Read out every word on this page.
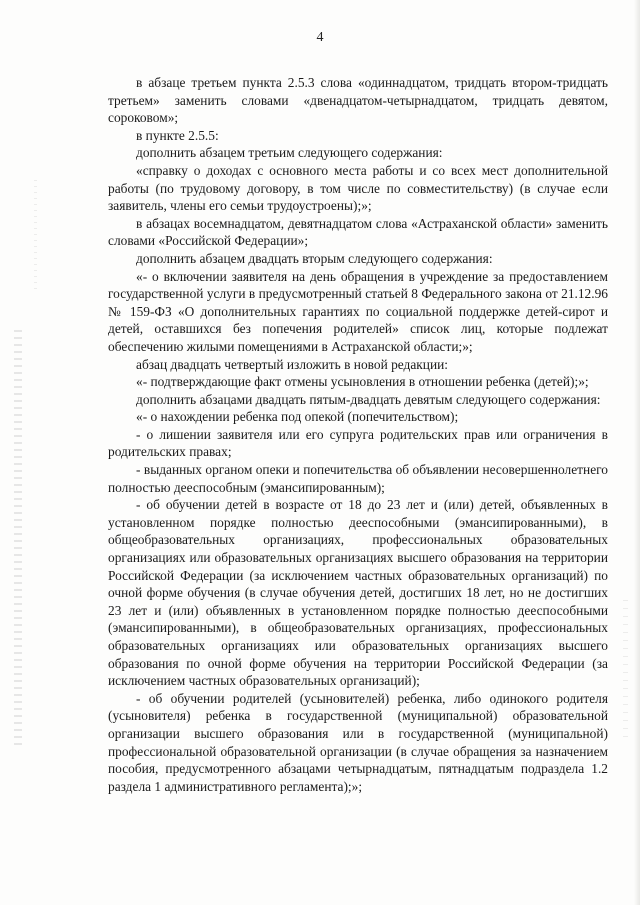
4

в абзаце третьем пункта 2.5.3 слова «одиннадцатом, тридцать втором-тридцать третьем» заменить словами «двенадцатом-четырнадцатом, тридцать девятом, сороковом»;

в пункте 2.5.5:

дополнить абзацем третьим следующего содержания:

«справку о доходах с основного места работы и со всех мест дополнительной работы (по трудовому договору, в том числе по совместительству) (в случае если заявитель, члены его семьи трудоустроены);»;

в абзацах восемнадцатом, девятнадцатом слова «Астраханской области» заменить словами «Российской Федерации»;

дополнить абзацем двадцать вторым следующего содержания:

«- о включении заявителя на день обращения в учреждение за предоставлением государственной услуги в предусмотренный статьей 8 Федерального закона от 21.12.96 № 159-ФЗ «О дополнительных гарантиях по социальной поддержке детей-сирот и детей, оставшихся без попечения родителей» список лиц, которые подлежат обеспечению жилыми помещениями в Астраханской области;»;

абзац двадцать четвертый изложить в новой редакции:

«- подтверждающие факт отмены усыновления в отношении ребенка (детей);»;

дополнить абзацами двадцать пятым-двадцать девятым следующего содержания:

«- о нахождении ребенка под опекой (попечительством);

- о лишении заявителя или его супруга родительских прав или ограничения в родительских правах;

- выданных органом опеки и попечительства об объявлении несовершеннолетнего полностью дееспособным (эмансипированным);

- об обучении детей в возрасте от 18 до 23 лет и (или) детей, объявленных в установленном порядке полностью дееспособными (эмансипированными), в общеобразовательных организациях, профессиональных образовательных организациях или образовательных организациях высшего образования на территории Российской Федерации (за исключением частных образовательных организаций) по очной форме обучения (в случае обучения детей, достигших 18 лет, но не достигших 23 лет и (или) объявленных в установленном порядке полностью дееспособными (эмансипированными), в общеобразовательных организациях, профессиональных образовательных организациях или образовательных организациях высшего образования по очной форме обучения на территории Российской Федерации (за исключением частных образовательных организаций);

- об обучении родителей (усыновителей) ребенка, либо одинокого родителя (усыновителя) ребенка в государственной (муниципальной) образовательной организации высшего образования или в государственной (муниципальной) профессиональной образовательной организации (в случае обращения за назначением пособия, предусмотренного абзацами четырнадцатым, пятнадцатым подраздела 1.2 раздела 1 административного регламента);»;
